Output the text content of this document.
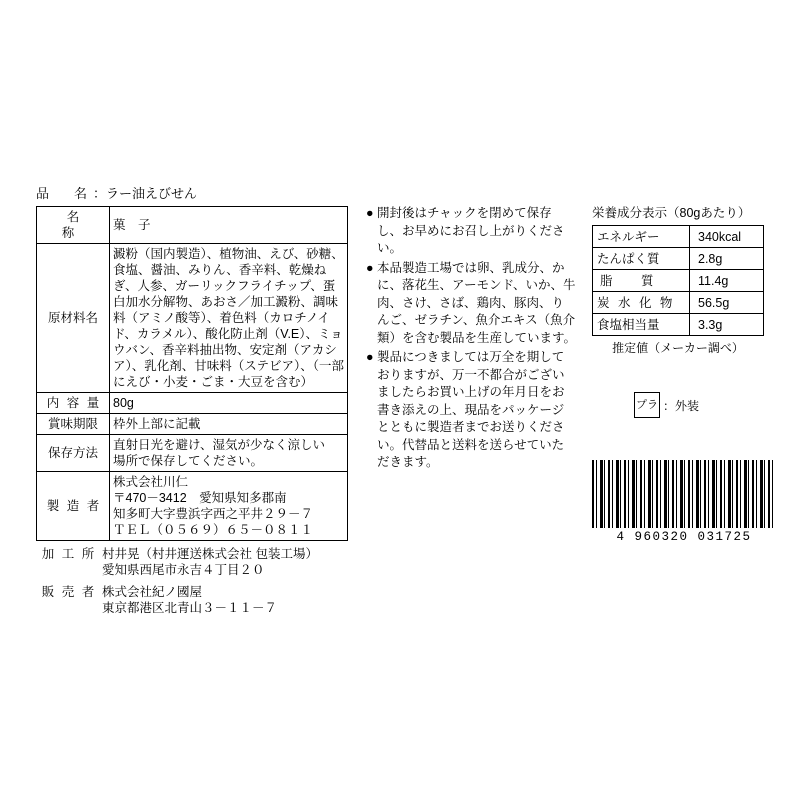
品　名：ラー油えびせん
名　称	菓　子

原材料名	澱粉（国内製造）、植物油、えび、砂糖、
食塩、醤油、みりん、香辛料、乾燥ねぎ、人参、ガーリックフライチップ、蛋白加水分解物、あおさ／加工澱粉、調味料（アミノ酸等）、着色料（カロチノイド、カラメル）、酸化防止剤（V.E）、ミョウバン、香辛料抽出物、安定剤（アカシア）、乳化剤、甘味料（ステビア）、（一部にえび・小麦・ごま・大豆を含む）

内 容 量	80g
賞味期限	枠外上部に記載
保存方法	直射日光を避け、湿気が少なく涼しい
場所で保存してください。

製 造 者	株式会社川仁
〒470－3412　愛知県知多郡南
知多町大字豊浜字西之平井２９－７
ＴＥＬ（０５６９）６５－０８１１
加 工 所 村井晃（村井運送株式会社 包装工場）
愛知県西尾市永吉４丁目２０
販 売 者 株式会社紀ノ國屋
東京都港区北青山３－１１－７
● 開封後はチャックを閉めて保存し、お早めにお召し上がりください。
● 本品製造工場では卵、乳成分、かに、落花生、アーモンド、いか、牛肉、さけ、さば、鶏肉、豚肉、りんご、ゼラチン、魚介エキス（魚介類）を含む製品を生産しています。
● 製品につきましては万全を期しておりますが、万一不都合がございましたらお買い上げの年月日をお書き添えの上、現品をパッケージとともに製造者までお送りください。代替品と送料を送らせていただきます。
栄養成分表示（80gあたり）
エネルギー	340kcal
たんぱく質	2.8g
脂　質	11.4g
炭 水 化 物	56.5g
食塩相当量	3.3g
推定値（メーカー調べ）
プラ ：外装
4 960320 031725
